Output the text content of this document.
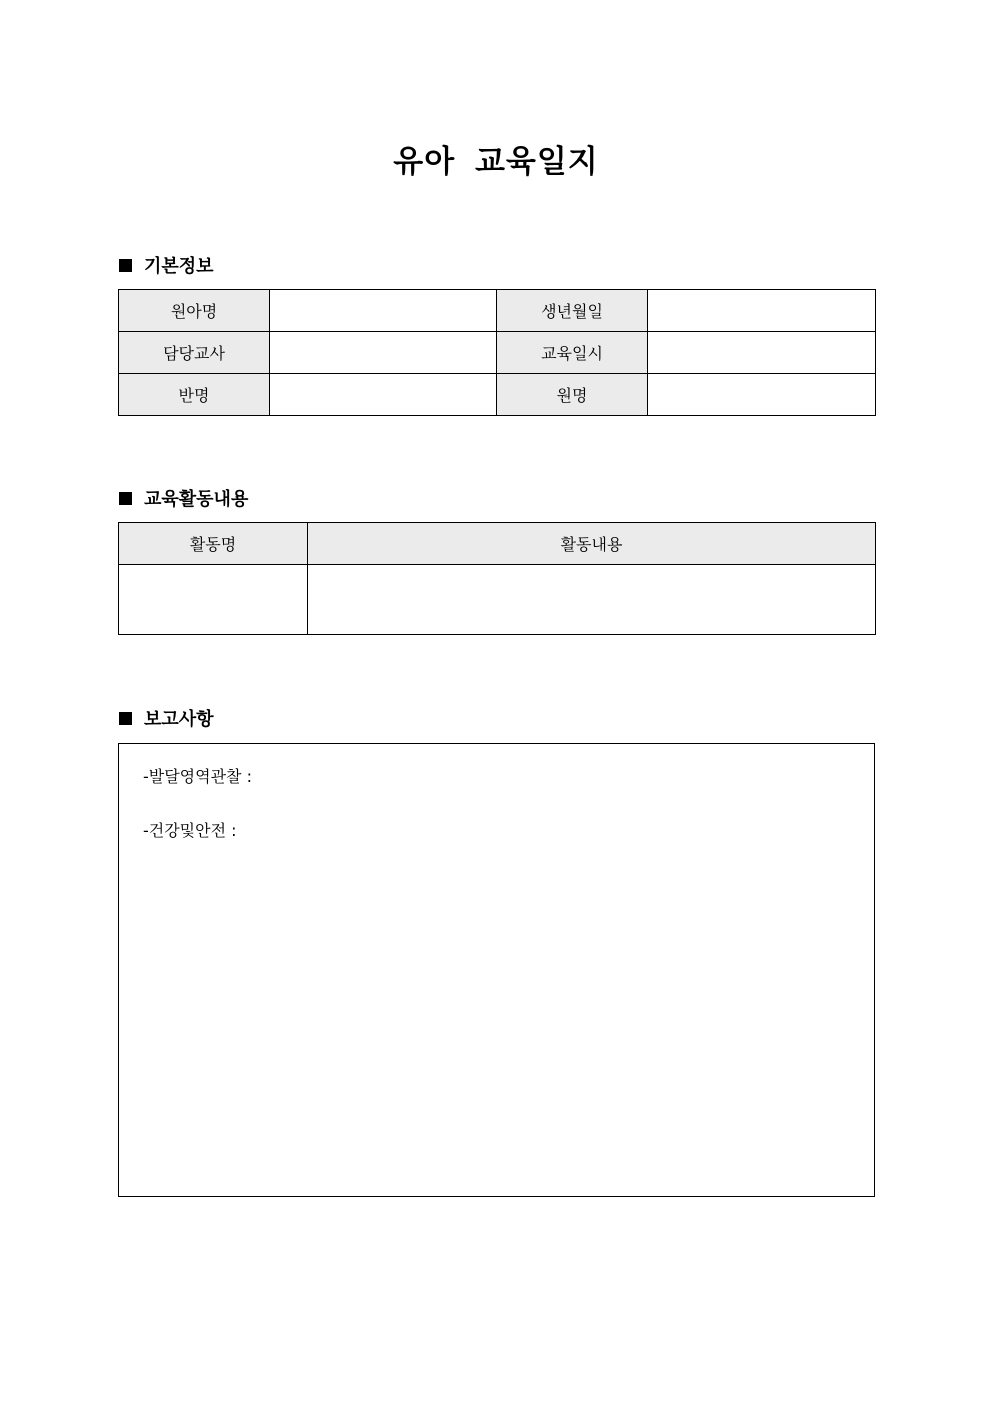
유아 교육일지
기본정보
원아명		생년월일	
담당교사		교육일시	
반명		원명	
교육활동내용
활동명	활동내용

보고사항
-발달영역관찰 :
-건강및안전 :
